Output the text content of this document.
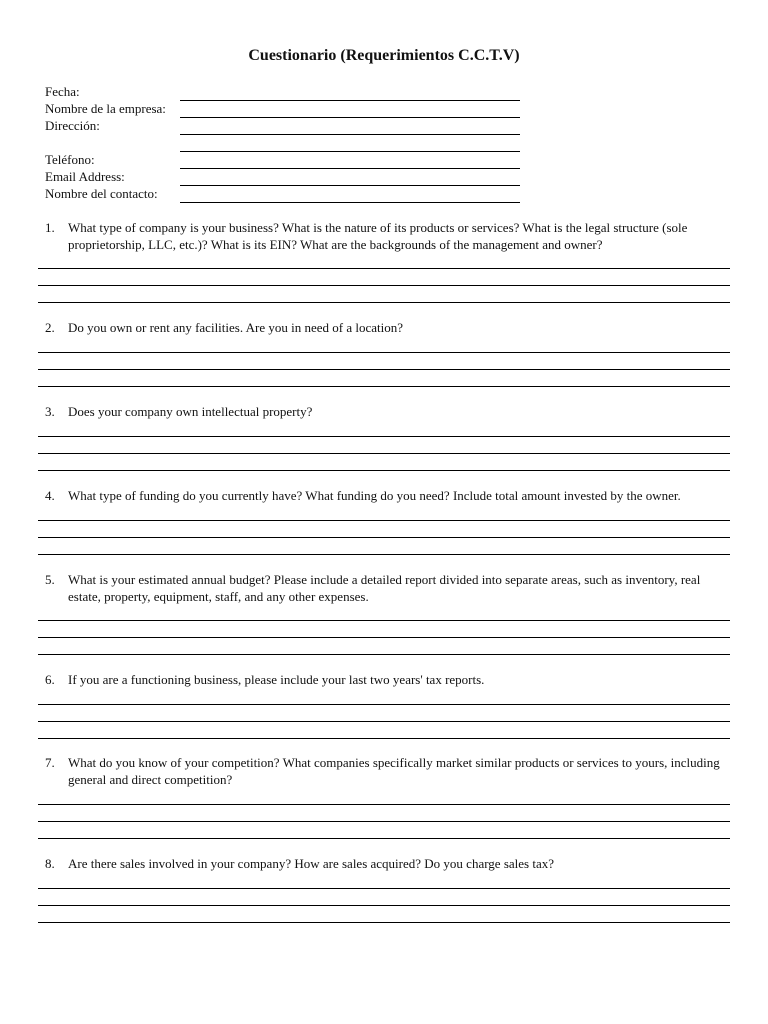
Cuestionario (Requerimientos C.C.T.V)
Fecha:
Nombre de la empresa:
Dirección:
Teléfono:
Email Address:
Nombre del contacto:
1. What type of company is your business? What is the nature of its products or services? What is the legal structure (sole proprietorship, LLC, etc.)? What is its EIN? What are the backgrounds of the management and owner?
2. Do you own or rent any facilities. Are you in need of a location?
3. Does your company own intellectual property?
4. What type of funding do you currently have? What funding do you need? Include total amount invested by the owner.
5. What is your estimated annual budget? Please include a detailed report divided into separate areas, such as inventory, real estate, property, equipment, staff, and any other expenses.
6. If you are a functioning business, please include your last two years' tax reports.
7. What do you know of your competition? What companies specifically market similar products or services to yours, including general and direct competition?
8. Are there sales involved in your company? How are sales acquired? Do you charge sales tax?
